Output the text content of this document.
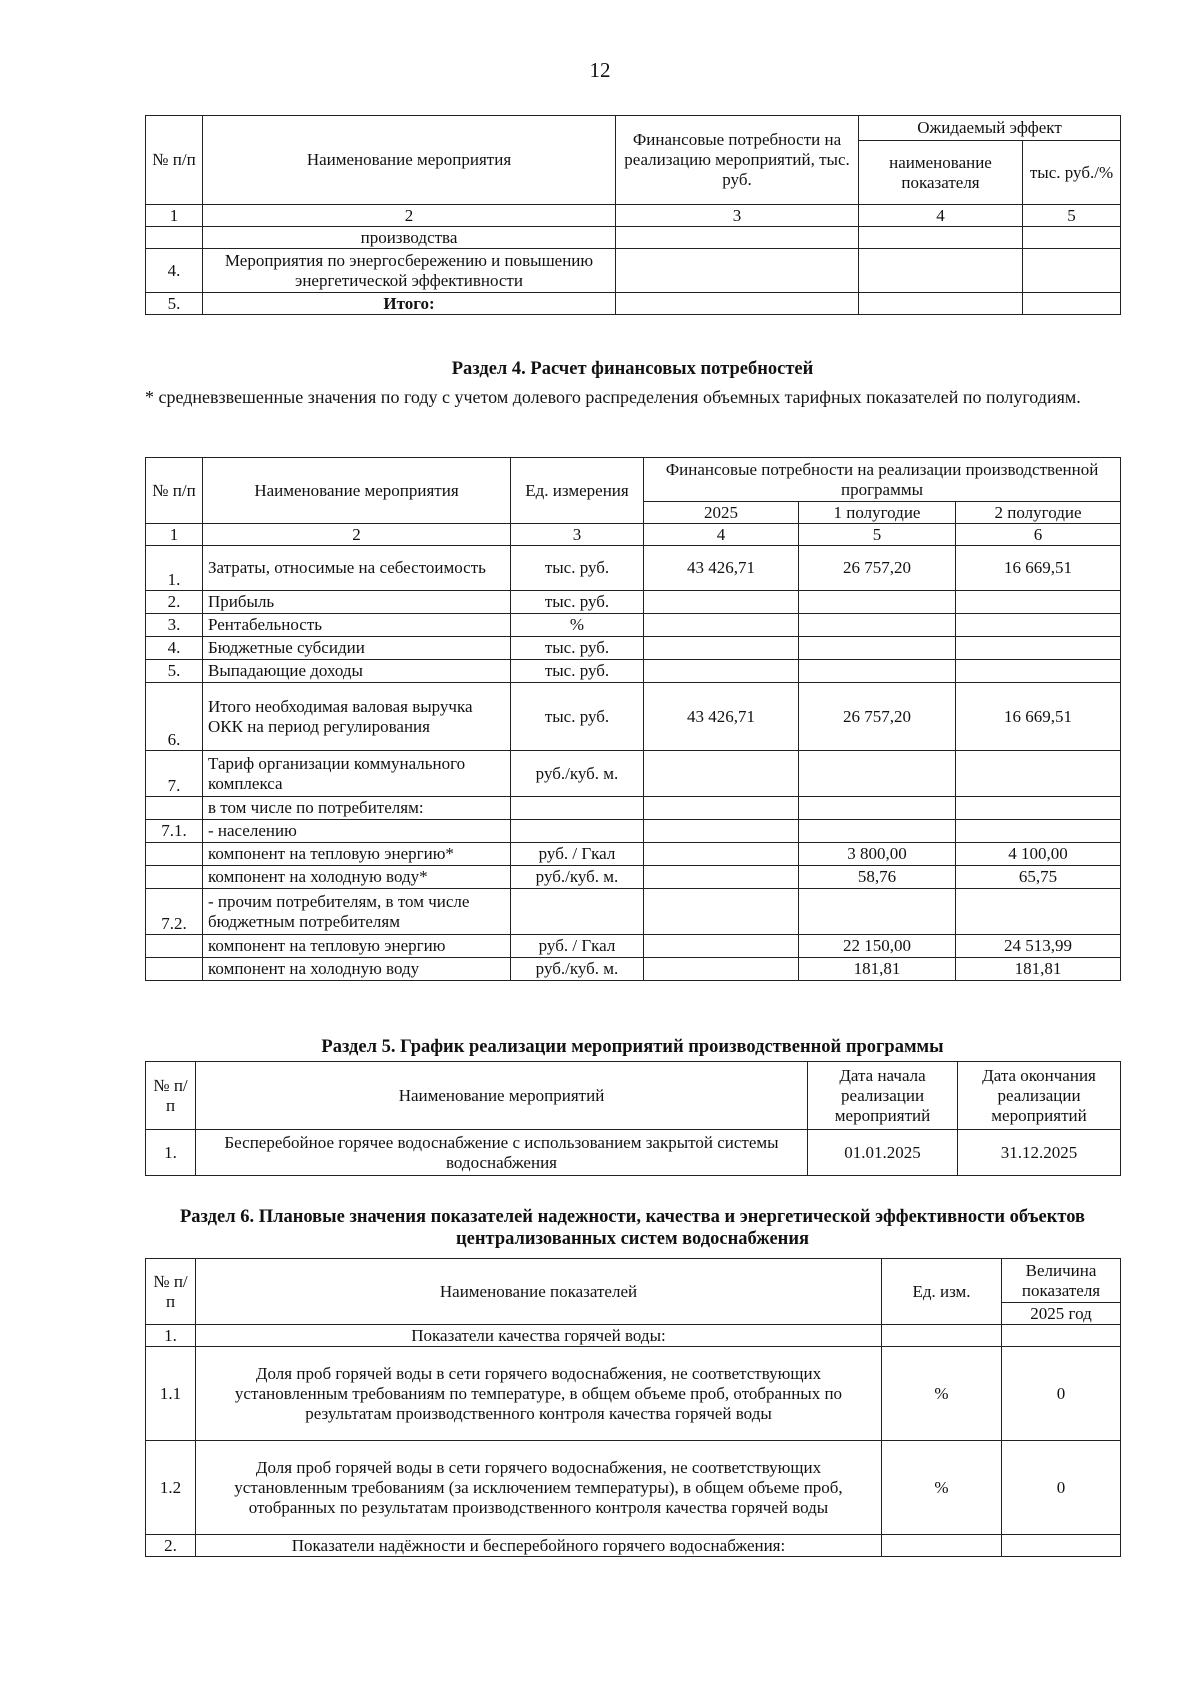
12
№ п/п	Наименование мероприятия	Финансовые потребности на реализацию мероприятий, тыс. руб.	Ожидаемый эффект	
			наименование показателя	тыс. руб./%
1	2	3	4	5
	производства			
4.	Мероприятия по энергосбережению и повышению энергетической эффективности			
5.	Итого:			
Раздел 4. Расчет финансовых потребностей
* средневзвешенные значения по году с учетом долевого распределения объемных тарифных показателей по полугодиям.
№ п/п	Наименование мероприятия	Ед. измерения	Финансовые потребности на реализации производственной программы		
			2025	1 полугодие	2 полугодие
1	2	3	4	5	6
1.	Затраты, относимые на себестоимость	тыс. руб.	43 426,71	26 757,20	16 669,51
2.	Прибыль	тыс. руб.			
3.	Рентабельность	%			
4.	Бюджетные субсидии	тыс. руб.			
5.	Выпадающие доходы	тыс. руб.			
6.	Итого необходимая валовая выручка ОКК на период регулирования	тыс. руб.	43 426,71	26 757,20	16 669,51
7.	Тариф организации коммунального комплекса	руб./куб. м.			
	в том числе по потребителям:				
7.1.	- населению				
	компонент на тепловую энергию*	руб. / Гкал		3 800,00	4 100,00
	компонент на холодную воду*	руб./куб. м.		58,76	65,75
7.2.	- прочим потребителям, в том числе бюджетным потребителям				
	компонент на тепловую энергию	руб. / Гкал		22 150,00	24 513,99
	компонент на холодную воду	руб./куб. м.		181,81	181,81
Раздел 5. График реализации мероприятий производственной программы
№ п/п	Наименование мероприятий	Дата начала реализации мероприятий	Дата окончания реализации мероприятий
1.	Бесперебойное горячее водоснабжение с использованием закрытой системы водоснабжения	01.01.2025	31.12.2025
Раздел 6. Плановые значения показателей надежности, качества и энергетической эффективности объектов централизованных систем водоснабжения
№ п/п	Наименование показателей	Ед. изм.	Величина показателя
			2025 год
1.	Показатели качества горячей воды:		
1.1	Доля проб горячей воды в сети горячего водоснабжения, не соответствующих установленным требованиям по температуре, в общем объеме проб, отобранных по результатам производственного контроля качества горячей воды	%	0
1.2	Доля проб горячей воды в сети горячего водоснабжения, не соответствующих установленным требованиям (за исключением температуры), в общем объеме проб, отобранных по результатам производственного контроля качества горячей воды	%	0
2.	Показатели надёжности и бесперебойного горячего водоснабжения:		
